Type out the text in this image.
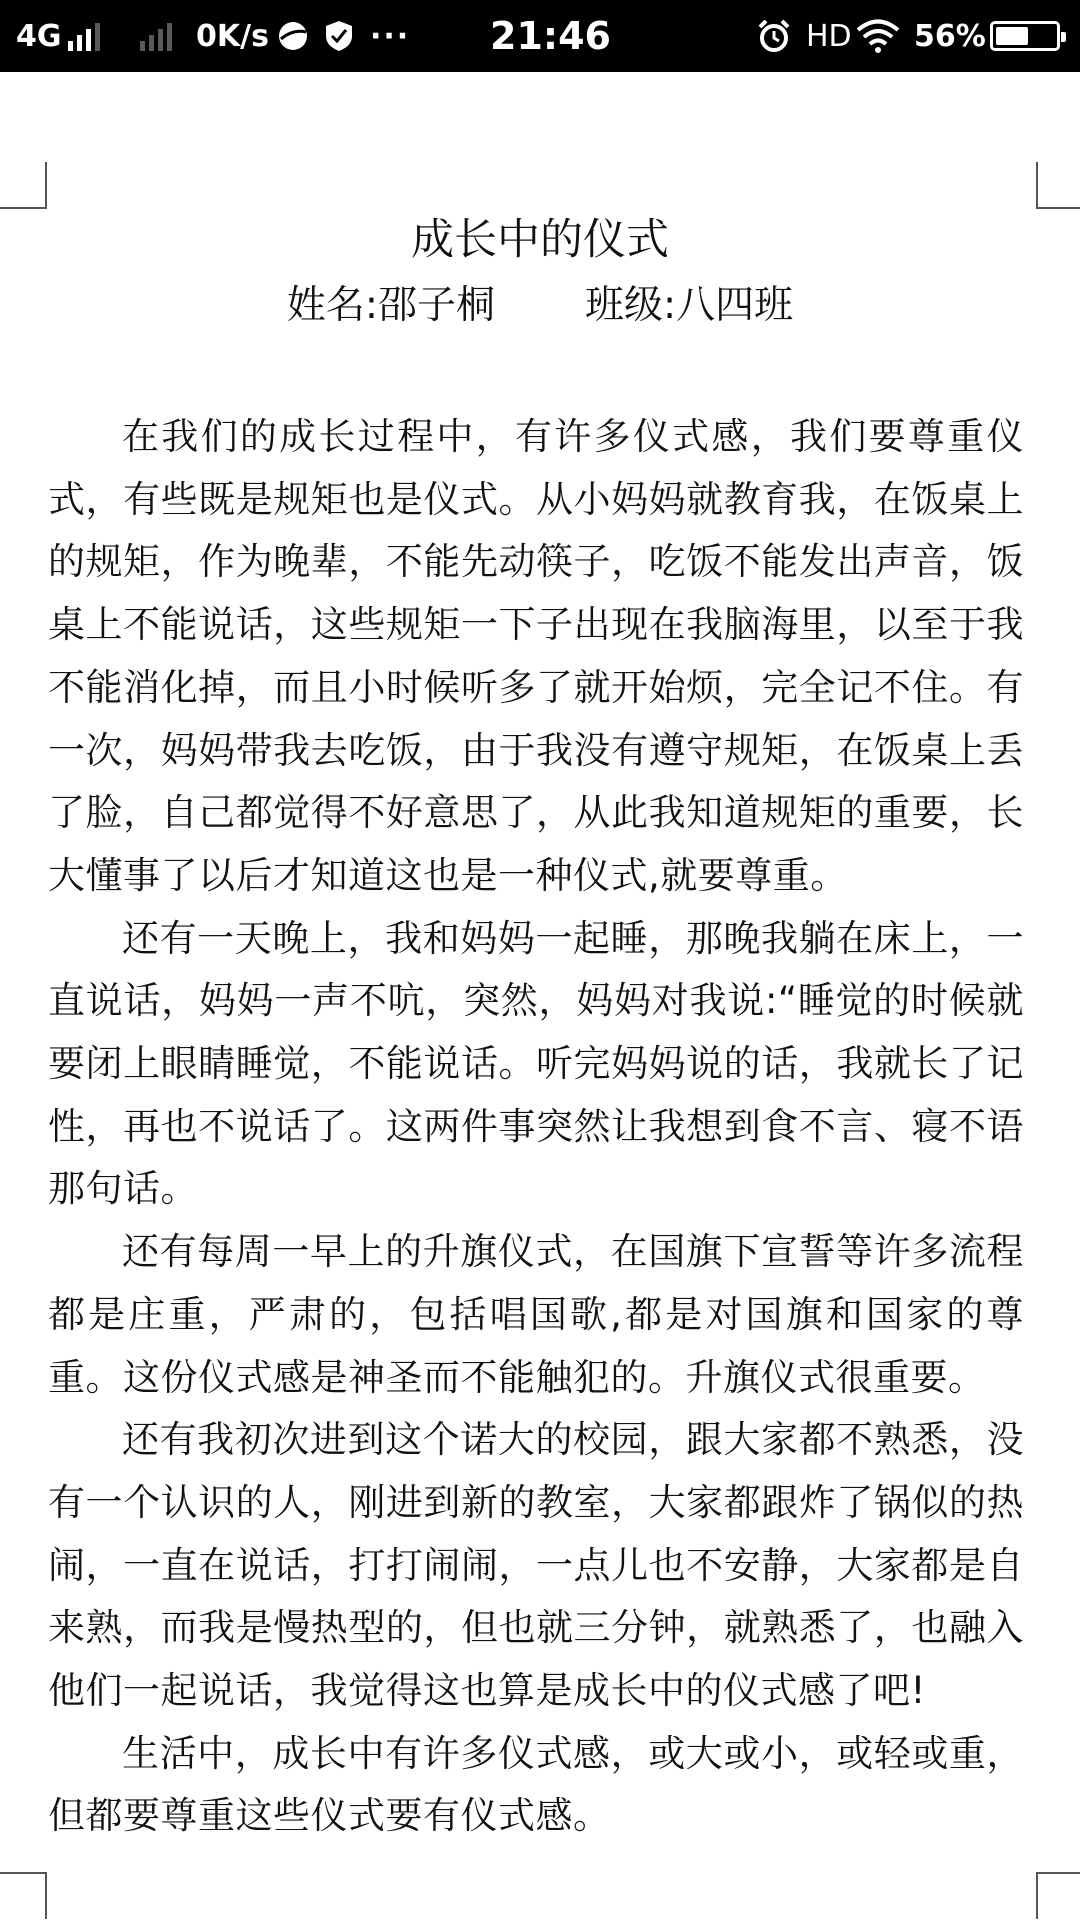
4G	0K/s	··· 21:46	HD 56%
成长中的仪式
姓名:邵子桐 班级:八四班

在我们的成长过程中，有许多仪式感，我们要尊重仪式，有些既是规矩也是仪式。从小妈妈就教育我，在饭桌上的规矩，作为晚辈，不能先动筷子，吃饭不能发出声音，饭桌上不能说话，这些规矩一下子出现在我脑海里，以至于我不能消化掉，而且小时候听多了就开始烦，完全记不住。有一次，妈妈带我去吃饭，由于我没有遵守规矩，在饭桌上丢了脸，自己都觉得不好意思了，从此我知道规矩的重要，长大懂事了以后才知道这也是一种仪式,就要尊重。

还有一天晚上，我和妈妈一起睡，那晚我躺在床上，一直说话，妈妈一声不吭，突然，妈妈对我说:“睡觉的时候就要闭上眼睛睡觉，不能说话。听完妈妈说的话，我就长了记性，再也不说话了。这两件事突然让我想到食不言、寝不语那句话。

还有每周一早上的升旗仪式，在国旗下宣誓等许多流程都是庄重，严肃的，包括唱国歌,都是对国旗和国家的尊重。这份仪式感是神圣而不能触犯的。升旗仪式很重要。

还有我初次进到这个诺大的校园，跟大家都不熟悉，没有一个认识的人，刚进到新的教室，大家都跟炸了锅似的热闹，一直在说话，打打闹闹，一点儿也不安静，大家都是自来熟，而我是慢热型的，但也就三分钟，就熟悉了，也融入他们一起说话，我觉得这也算是成长中的仪式感了吧!

生活中，成长中有许多仪式感，或大或小，或轻或重，但都要尊重这些仪式要有仪式感。
